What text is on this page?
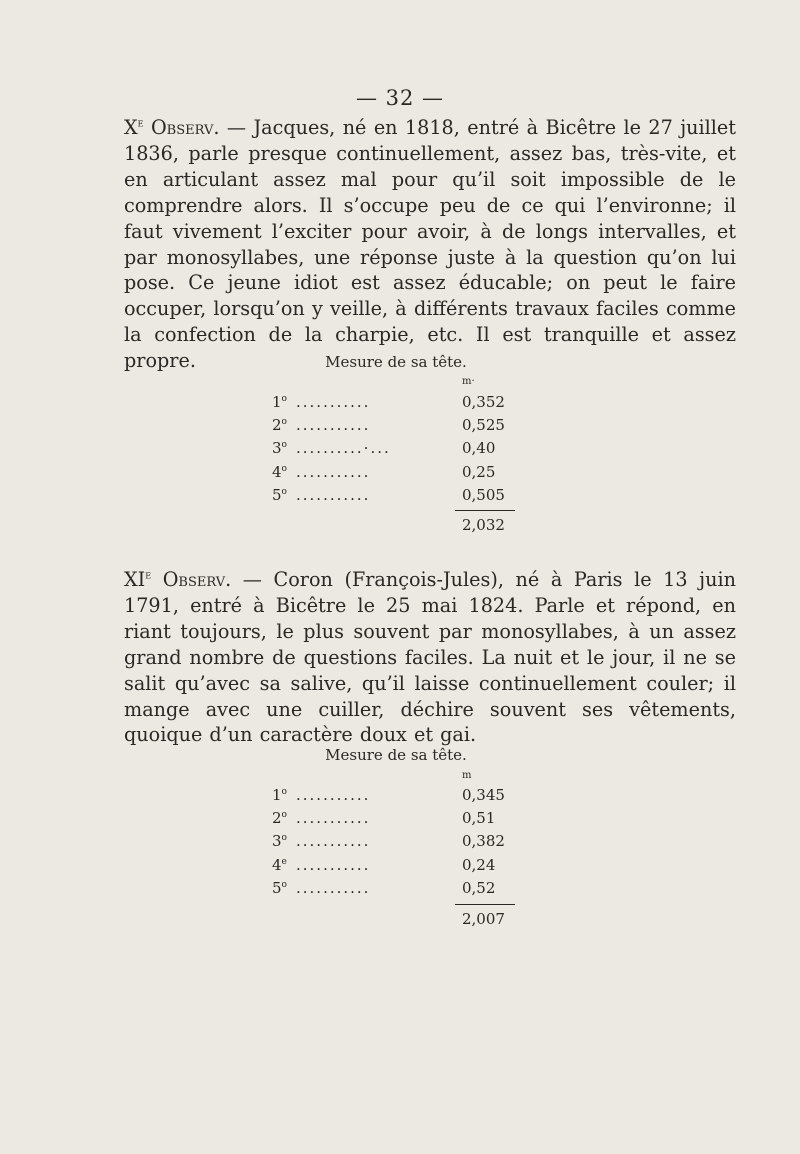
— 32 —

Xe Observ. — Jacques, né en 1818, entré à Bicêtre le 27 juillet 1836, parle presque continuellement, assez bas, très-vite, et en articulant assez mal pour qu’il soit impossible de le comprendre alors. Il s’occupe peu de ce qui l’environne; il faut vivement l’exciter pour avoir, à de longs intervalles, et par monosyllabes, une réponse juste à la question qu’on lui pose. Ce jeune idiot est assez éducable; on peut le faire occuper, lorsqu’on y veille, à différents travaux faciles comme la confection de la charpie, etc. Il est tranquille et assez propre.	Mesure de sa tête.
m·
$1^o$ ...........	0,352
2$^o$ ...........	0,525
3$^o$ ..........·...	0,40
4$^o$ ...........	0,25
5$^o$ ...........	0,505
2,032

XIe Observ. — Coron (François-Jules), né à Paris le 13 juin 1791, entré à Bicêtre le 25 mai 1824. Parle et répond, en riant toujours, le plus souvent par monosyllabes, à un assez grand nombre de questions faciles. La nuit et le jour, il ne se salit qu’avec sa salive, qu’il laisse continuellement couler; il mange avec une cuiller, déchire souvent ses vêtements, quoique d’un caractère doux et gai.

Mesure de sa tête.
m
1$^o$ ...........	0,345
2$^o$ ...........	0,51
3$^o$ ...........	0,382
4e ...........	0,24
5$^o$ ...........	0,52
2,007
